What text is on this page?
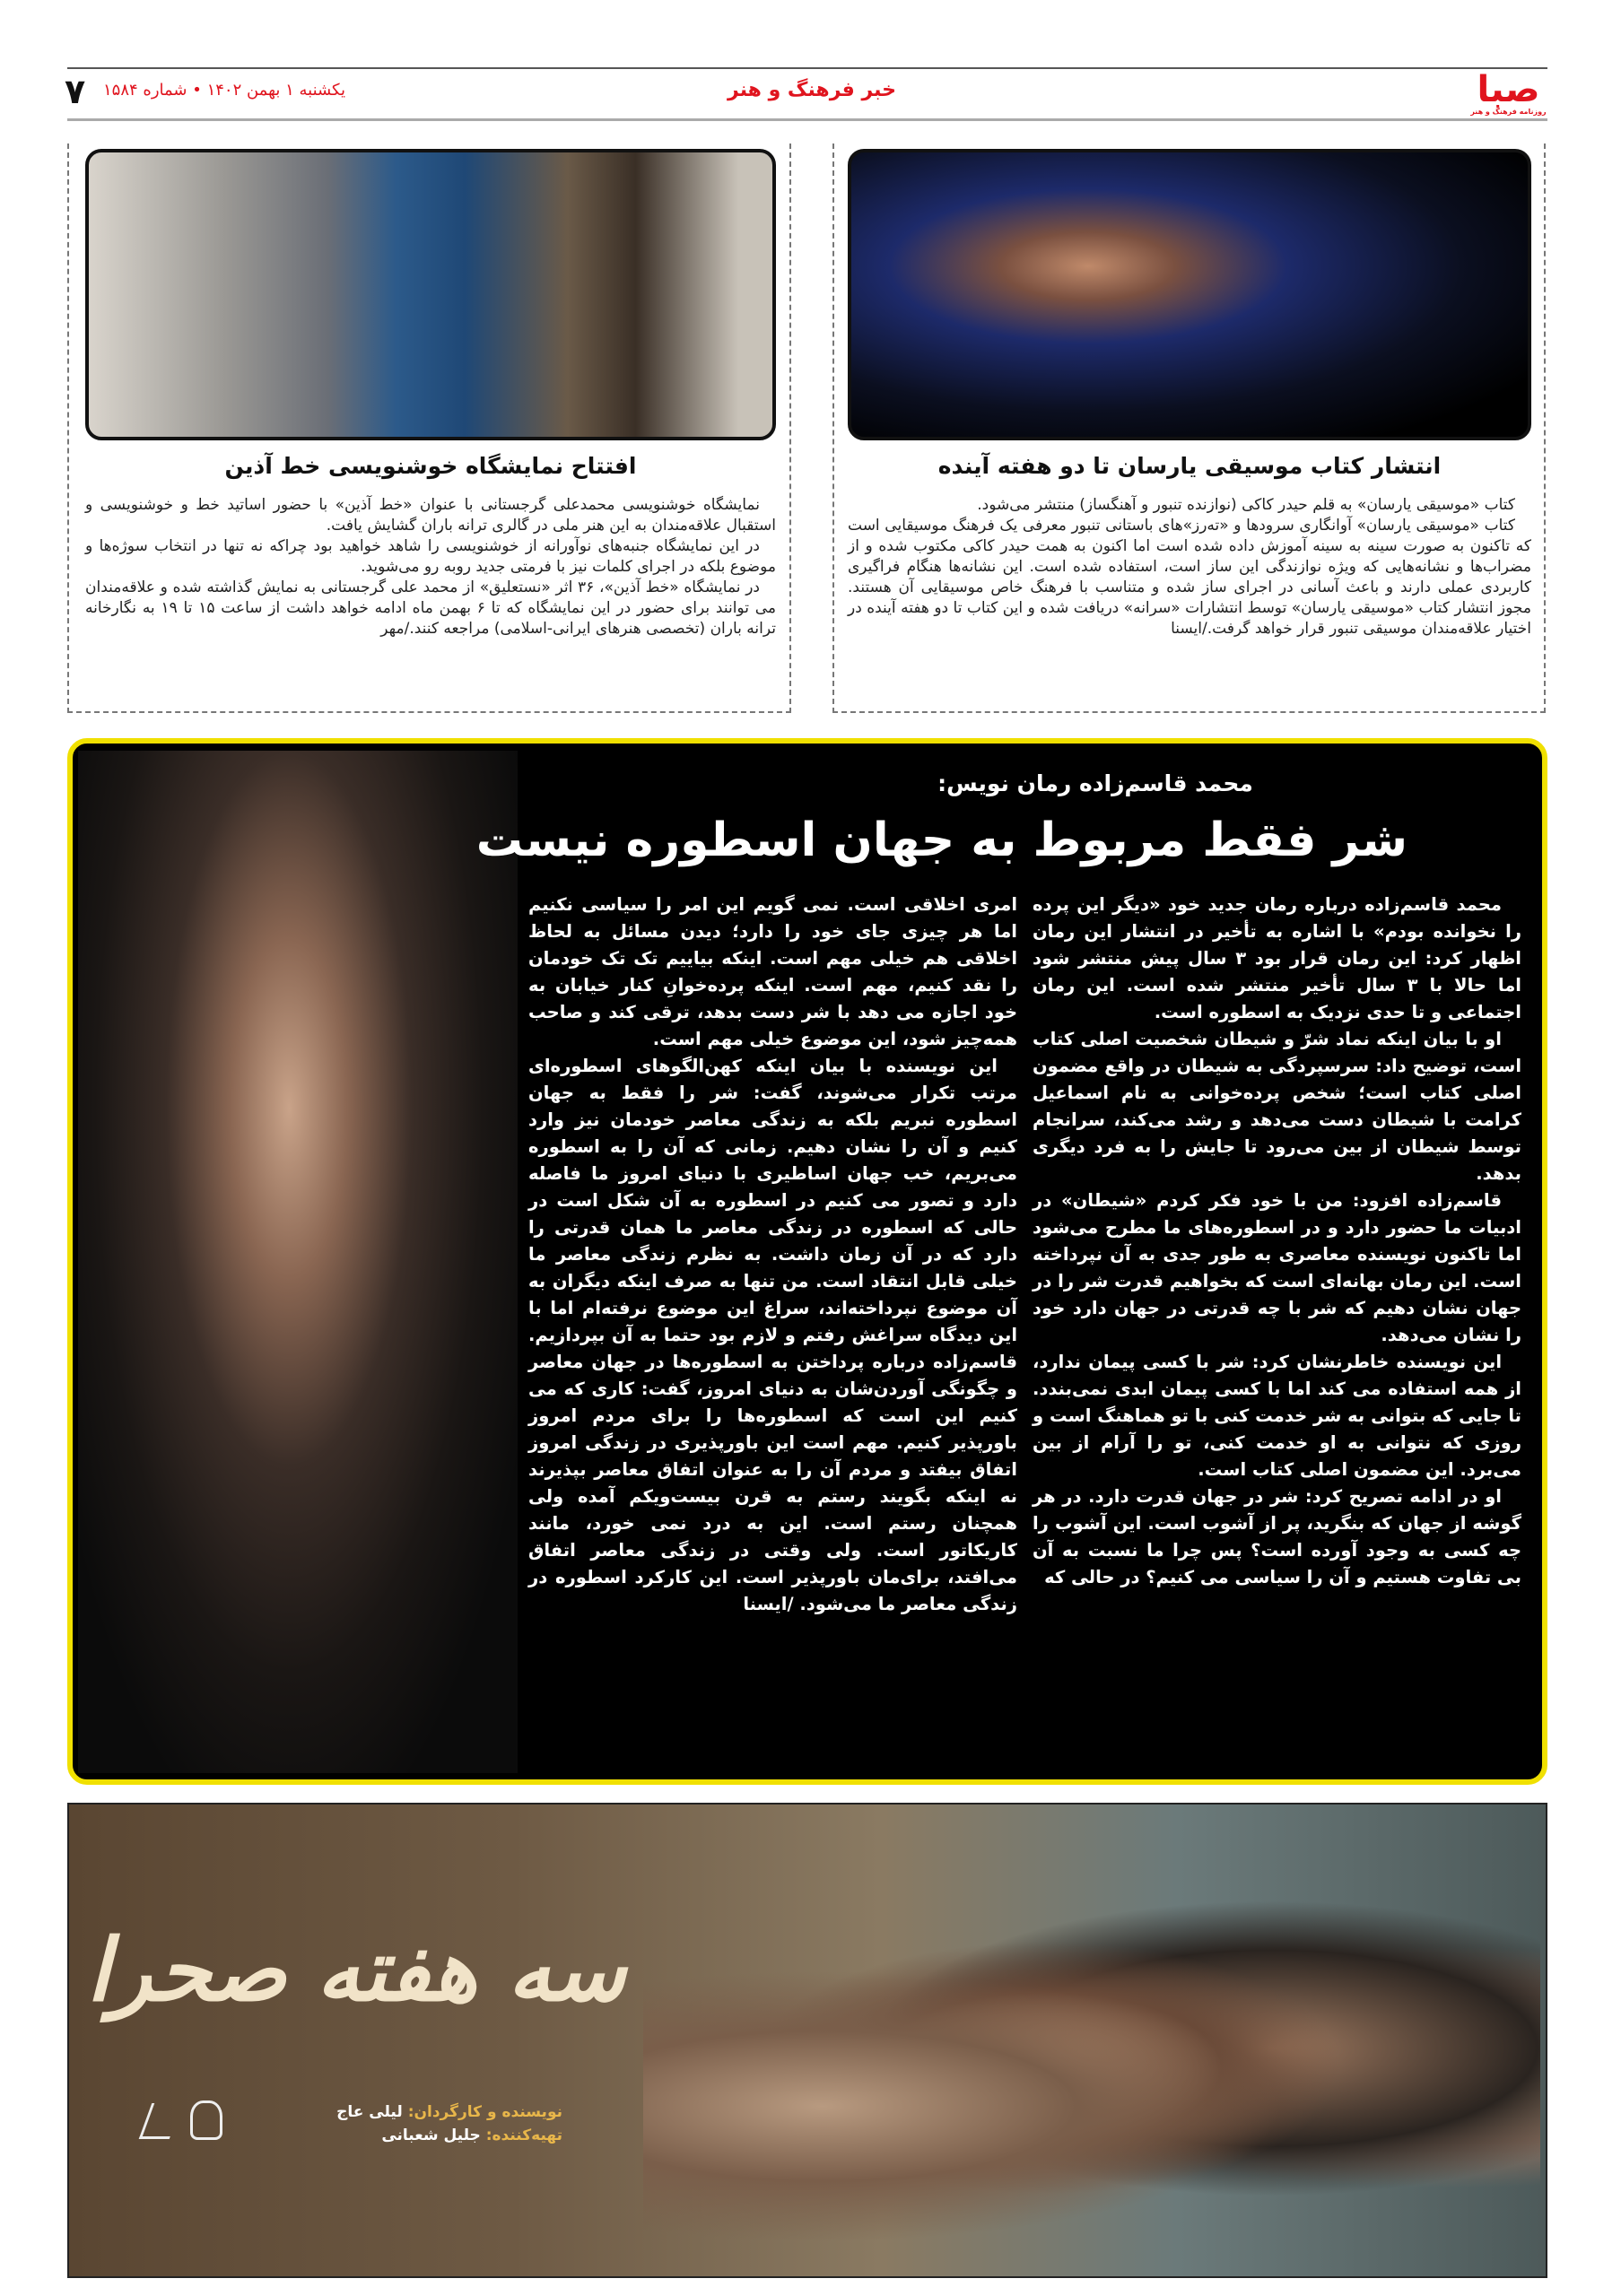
صبا
روزنامه فرهنگ و هنر
خبر فرهنگ و هنر
یکشنبه ۱ بهمن ۱۴۰۲ • شماره ۱۵۸۴
۷
انتشار کتاب موسیقی یارسان تا دو هفته آینده

کتاب «موسیقی یارسان» به قلم حیدر کاکی (نوازنده تنبور و آهنگساز) منتشر می‌شود.

کتاب «موسیقی یارسان» آوانگاری سرودها و «ته‌رز»های باستانی تنبور معرفی یک فرهنگ موسیقایی است که تاکنون به صورت سینه به سینه آموزش داده شده است اما اکنون به همت حیدر کاکی مکتوب شده و از مضراب‌ها و نشانه‌هایی که ویژه نوازندگی این ساز است، استفاده شده است. این نشانه‌ها هنگام فراگیری کاربردی عملی دارند و باعث آسانی در اجرای ساز شده و متناسب با فرهنگ خاص موسیقایی آن هستند. مجوز انتشار کتاب «موسیقی یارسان» توسط انتشارات «سرانه» دریافت شده و این کتاب تا دو هفته آینده در اختیار علاقه‌مندان موسیقی تنبور قرار خواهد گرفت./ایسنا

افتتاح نمایشگاه خوشنویسی خط آذین

نمایشگاه خوشنویسی محمدعلی گرجستانی با عنوان «خط آذین» با حضور اساتید خط و خوشنویسی و استقبال علاقه‌مندان به این هنر ملی در گالری ترانه باران گشایش یافت.

در این نمایشگاه جنبه‌های نوآورانه از خوشنویسی را شاهد خواهید بود چراکه نه تنها در انتخاب سوژه‌ها و موضوع بلکه در اجرای کلمات نیز با فرمتی جدید روبه رو می‌شوید.

در نمایشگاه «خط آذین»، ۳۶ اثر «نستعلیق» از محمد علی گرجستانی به نمایش گذاشته شده و علاقه‌مندان می توانند برای حضور در این نمایشگاه که تا ۶ بهمن ماه ادامه خواهد داشت از ساعت ۱۵ تا ۱۹ به نگارخانه ترانه باران (تخصصی هنرهای ایرانی-اسلامی) مراجعه کنند./مهر

محمد قاسم‌زاده رمان نویس:
شر فقط مربوط به جهان اسطوره نیست

محمد قاسم‌زاده درباره رمان جدید خود «دیگر این پرده را نخوانده بودم» با اشاره به تأخیر در انتشار این رمان اظهار کرد: این رمان قرار بود ۳ سال پیش منتشر شود اما حالا با ۳ سال تأخیر منتشر شده است. این رمان اجتماعی و تا حدی نزدیک به اسطوره است.

او با بیان اینکه نماد شرّ و شیطان شخصیت اصلی کتاب است، توضیح داد: سرسپردگی به شیطان در واقع مضمون اصلی کتاب است؛ شخص پرده‌خوانی به نام اسماعیل کرامت با شیطان دست می‌دهد و رشد می‌کند، سرانجام توسط شیطان از بین می‌رود تا جایش را به فرد دیگری بدهد.

قاسم‌زاده افزود: من با خود فکر کردم «شیطان» در ادبیات ما حضور دارد و در اسطوره‌های ما مطرح می‌شود اما تاکنون نویسنده معاصری به طور جدی به آن نپرداخته است. این رمان بهانه‌ای است که بخواهیم قدرت شر را در جهان نشان دهیم که شر با چه قدرتی در جهان دارد خود را نشان می‌دهد.

این نویسنده خاطرنشان کرد: شر با کسی پیمان ندارد، از همه استفاده می کند اما با کسی پیمان ابدی نمی‌بندد. تا جایی که بتوانی به شر خدمت کنی با تو هماهنگ است و روزی که نتوانی به او خدمت کنی، تو را آرام از بین می‌برد. این مضمون اصلی کتاب است.

او در ادامه تصریح کرد: شر در جهان قدرت دارد. در هر گوشه از جهان که بنگرید، پر از آشوب است. این آشوب را چه کسی به وجود آورده است؟ پس چرا ما نسبت به آن بی تفاوت هستیم و آن را سیاسی می کنیم؟ در حالی که

امری اخلاقی است. نمی گویم این امر را سیاسی نکنیم اما هر چیزی جای خود را دارد؛ دیدن مسائل به لحاظ اخلاقی هم خیلی مهم است. اینکه بیاییم تک تک خودمان را نقد کنیم، مهم است. اینکه پرده‌خوانِ کنار خیابان به خود اجازه می دهد با شر دست بدهد، ترقی کند و صاحب همه‌چیز شود، این موضوع خیلی مهم است.

این نویسنده با بیان اینکه کهن‌الگوهای اسطوره‌ای مرتب تکرار می‌شوند، گفت: شر را فقط به جهان اسطوره نبریم بلکه به زندگی معاصر خودمان نیز وارد کنیم و آن را نشان دهیم. زمانی که آن را به اسطوره می‌بریم، خب جهان اساطیری با دنیای امروز ما فاصله دارد و تصور می کنیم در اسطوره به آن شکل است در حالی که اسطوره در زندگی معاصر ما همان قدرتی را دارد که در آن زمان داشت. به نظرم زندگی معاصر ما خیلی قابل انتقاد است. من تنها به صرف اینکه دیگران به آن موضوع نپرداخته‌اند، سراغ این موضوع نرفته‌ام اما با این دیدگاه سراغش رفتم و لازم بود حتما به آن بپردازیم. قاسم‌زاده درباره پرداختن به اسطوره‌ها در جهان معاصر و چگونگی آوردن‌شان به دنیای امروز، گفت: کاری که می کنیم این است که اسطوره‌ها را برای مردم امروز باورپذیر کنیم. مهم است این باورپذیری در زندگی امروز اتفاق بیفتد و مردم آن را به عنوان اتفاق معاصر بپذیرند نه اینکه بگویند رستم به قرن بیست‌ویکم آمده ولی همچنان رستم است. این به درد نمی خورد، مانند کاریکاتور است. ولی وقتی در زندگی معاصر اتفاق می‌افتد، برای‌مان باورپذیر است. این کارکرد اسطوره در زندگی معاصر ما می‌شود. /ایسنا

سه هفته صحرا
نویسنده و کارگردان: لیلی عاج
تهیه‌کننده: جلیل شعبانی
